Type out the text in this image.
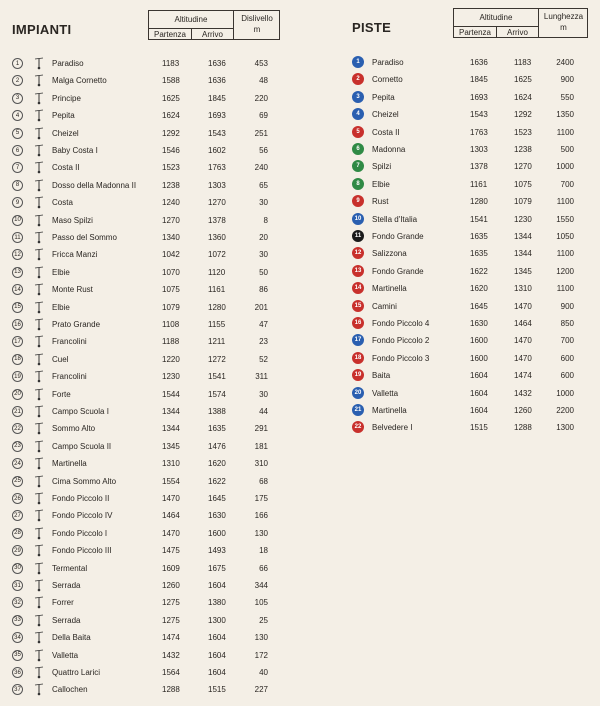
IMPIANTI
Altitudine
Partenza	Arrivo
Dislivello
m	PISTE
Altitudine
Partenza	Arrivo
Lunghezza
m
1	Paradiso	1183	1636	453
2	Malga Cornetto	1588	1636	48
3	Principe	1625	1845	220
4	Pepita	1624	1693	69
5	Cheizel	1292	1543	251
6	Baby Costa I	1546	1602	56
7	Costa II	1523	1763	240
8	Dosso della Madonna II	1238	1303	65
9	Costa	1240	1270	30
10	Maso Spilzi	1270	1378	8
11	Passo del Sommo	1340	1360	20
12	Fricca Manzi	1042	1072	30
13	Elbie	1070	1120	50
14	Monte Rust	1075	1161	86
15	Elbie	1079	1280	201
16	Prato Grande	1108	1155	47
17	Francolini	1188	1211	23
18	Cuel	1220	1272	52
19	Francolini	1230	1541	311
20	Forte	1544	1574	30
21	Campo Scuola I	1344	1388	44
22	Sommo Alto	1344	1635	291
23	Campo Scuola II	1345	1476	181
24	Martinella	1310	1620	310
25	Cima Sommo Alto	1554	1622	68
26	Fondo Piccolo II	1470	1645	175
27	Fondo Piccolo IV	1464	1630	166
28	Fondo Piccolo I	1470	1600	130
29	Fondo Piccolo III	1475	1493	18
30	Termental	1609	1675	66
31	Serrada	1260	1604	344
32	Forrer	1275	1380	105
33	Serrada	1275	1300	25
34	Della Baita	1474	1604	130
35	Valletta	1432	1604	172
36	Quattro Larici	1564	1604	40
37	Callochen	1288	1515	227
1	Paradiso	1636	1183	2400
2	Cornetto	1845	1625	900
3	Pepita	1693	1624	550
4	Cheizel	1543	1292	1350
5	Costa II	1763	1523	1100
6	Madonna	1303	1238	500
7	Spilzi	1378	1270	1000
8	Elbie	1161	1075	700
9	Rust	1280	1079	1100
10	Stella d'Italia	1541	1230	1550
11	Fondo Grande	1635	1344	1050
12	Salizzona	1635	1344	1100
13	Fondo Grande	1622	1345	1200
14	Martinella	1620	1310	1100
15	Camini	1645	1470	900
16	Fondo Piccolo 4	1630	1464	850
17	Fondo Piccolo 2	1600	1470	700
18	Fondo Piccolo 3	1600	1470	600
19	Baita	1604	1474	600
20	Valletta	1604	1432	1000
21	Martinella	1604	1260	2200
22	Belvedere I	1515	1288	1300
